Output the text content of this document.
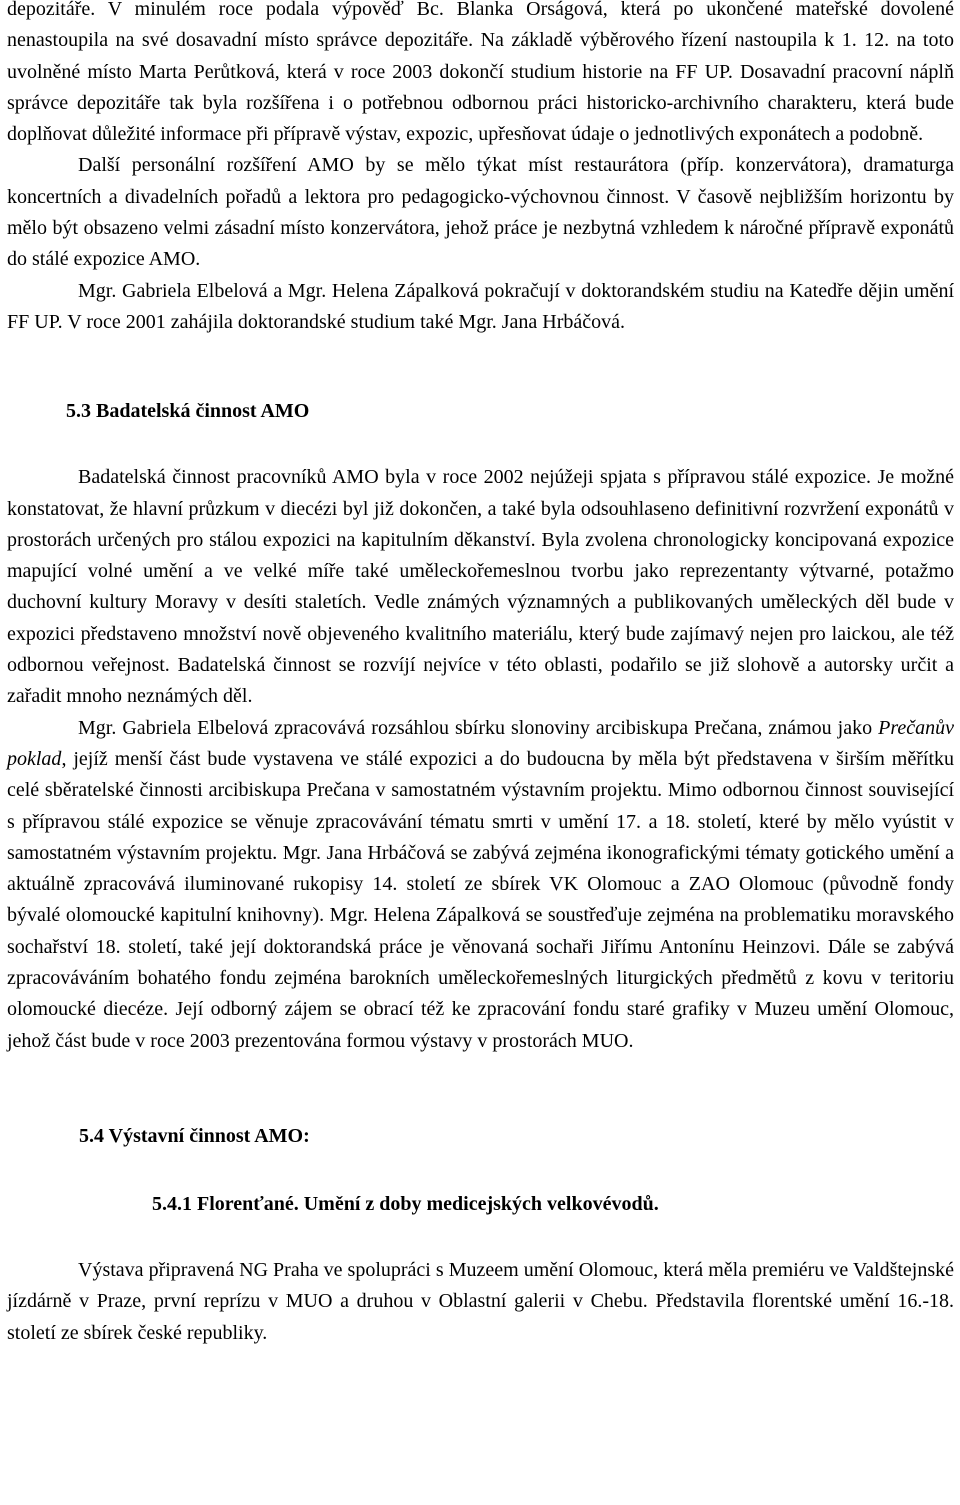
depozitáře. V minulém roce podala výpověď Bc. Blanka Orságová, která po ukončené mateřské dovolené nenastoupila na své dosavadní místo správce depozitáře. Na základě výběrového řízení nastoupila k 1. 12. na toto uvolněné místo Marta Perůtková, která v roce 2003 dokončí studium historie na FF UP. Dosavadní pracovní náplň správce depozitáře tak byla rozšířena i o potřebnou odbornou práci historicko-archivního charakteru, která bude doplňovat důležité informace při přípravě výstav, expozic, upřesňovat údaje o jednotlivých exponátech a podobně.

Další personální rozšíření AMO by se mělo týkat míst restaurátora (příp. konzervátora), dramaturga koncertních a divadelních pořadů a lektora pro pedagogicko-výchovnou činnost. V časově nejbližším horizontu by mělo být obsazeno velmi zásadní místo konzervátora, jehož práce je nezbytná vzhledem k náročné přípravě exponátů do stálé expozice AMO.

Mgr. Gabriela Elbelová a Mgr. Helena Zápalková pokračují v doktorandském studiu na Katedře dějin umění FF UP. V roce 2001 zahájila doktorandské studium také Mgr. Jana Hrbáčová.

5.3 Badatelská činnost AMO

Badatelská činnost pracovníků AMO byla v roce 2002 nejúžeji spjata s přípravou stálé expozice. Je možné konstatovat, že hlavní průzkum v diecézi byl již dokončen, a také byla odsouhlaseno definitivní rozvržení exponátů v prostorách určených pro stálou expozici na kapitulním děkanství. Byla zvolena chronologicky koncipovaná expozice mapující volné umění a ve velké míře také uměleckořemeslnou tvorbu jako reprezentanty výtvarné, potažmo duchovní kultury Moravy v desíti staletích. Vedle známých významných a publikovaných uměleckých děl bude v expozici představeno množství nově objeveného kvalitního materiálu, který bude zajímavý nejen pro laickou, ale též odbornou veřejnost. Badatelská činnost se rozvíjí nejvíce v této oblasti, podařilo se již slohově a autorsky určit a zařadit mnoho neznámých děl.

Mgr. Gabriela Elbelová zpracovává rozsáhlou sbírku slonoviny arcibiskupa Prečana, známou jako Prečanův poklad, jejíž menší část bude vystavena ve stálé expozici a do budoucna by měla být představena v širším měřítku celé sběratelské činnosti arcibiskupa Prečana v samostatném výstavním projektu. Mimo odbornou činnost související s přípravou stálé expozice se věnuje zpracovávání tématu smrti v umění 17. a 18. století, které by mělo vyústit v samostatném výstavním projektu. Mgr. Jana Hrbáčová se zabývá zejména ikonografickými tématy gotického umění a aktuálně zpracovává iluminované rukopisy 14. století ze sbírek VK Olomouc a ZAO Olomouc (původně fondy bývalé olomoucké kapitulní knihovny). Mgr. Helena Zápalková se soustřeďuje zejména na problematiku moravského sochařství 18. století, také její doktorandská práce je věnovaná sochaři Jiřímu Antonínu Heinzovi. Dále se zabývá zpracováváním bohatého fondu zejména barokních uměleckořemeslných liturgických předmětů z kovu v teritoriu olomoucké diecéze. Její odborný zájem se obrací též ke zpracování fondu staré grafiky v Muzeu umění Olomouc, jehož část bude v roce 2003 prezentována formou výstavy v prostorách MUO.

5.4 Výstavní činnost AMO:
5.4.1 Florenťané. Umění z doby medicejských velkovévodů.

Výstava připravená NG Praha ve spolupráci s Muzeem umění Olomouc, která měla premiéru ve Valdštejnské jízdárně v Praze, první reprízu v MUO a druhou v Oblastní galerii v Chebu. Představila florentské umění 16.-18. století ze sbírek české republiky.
